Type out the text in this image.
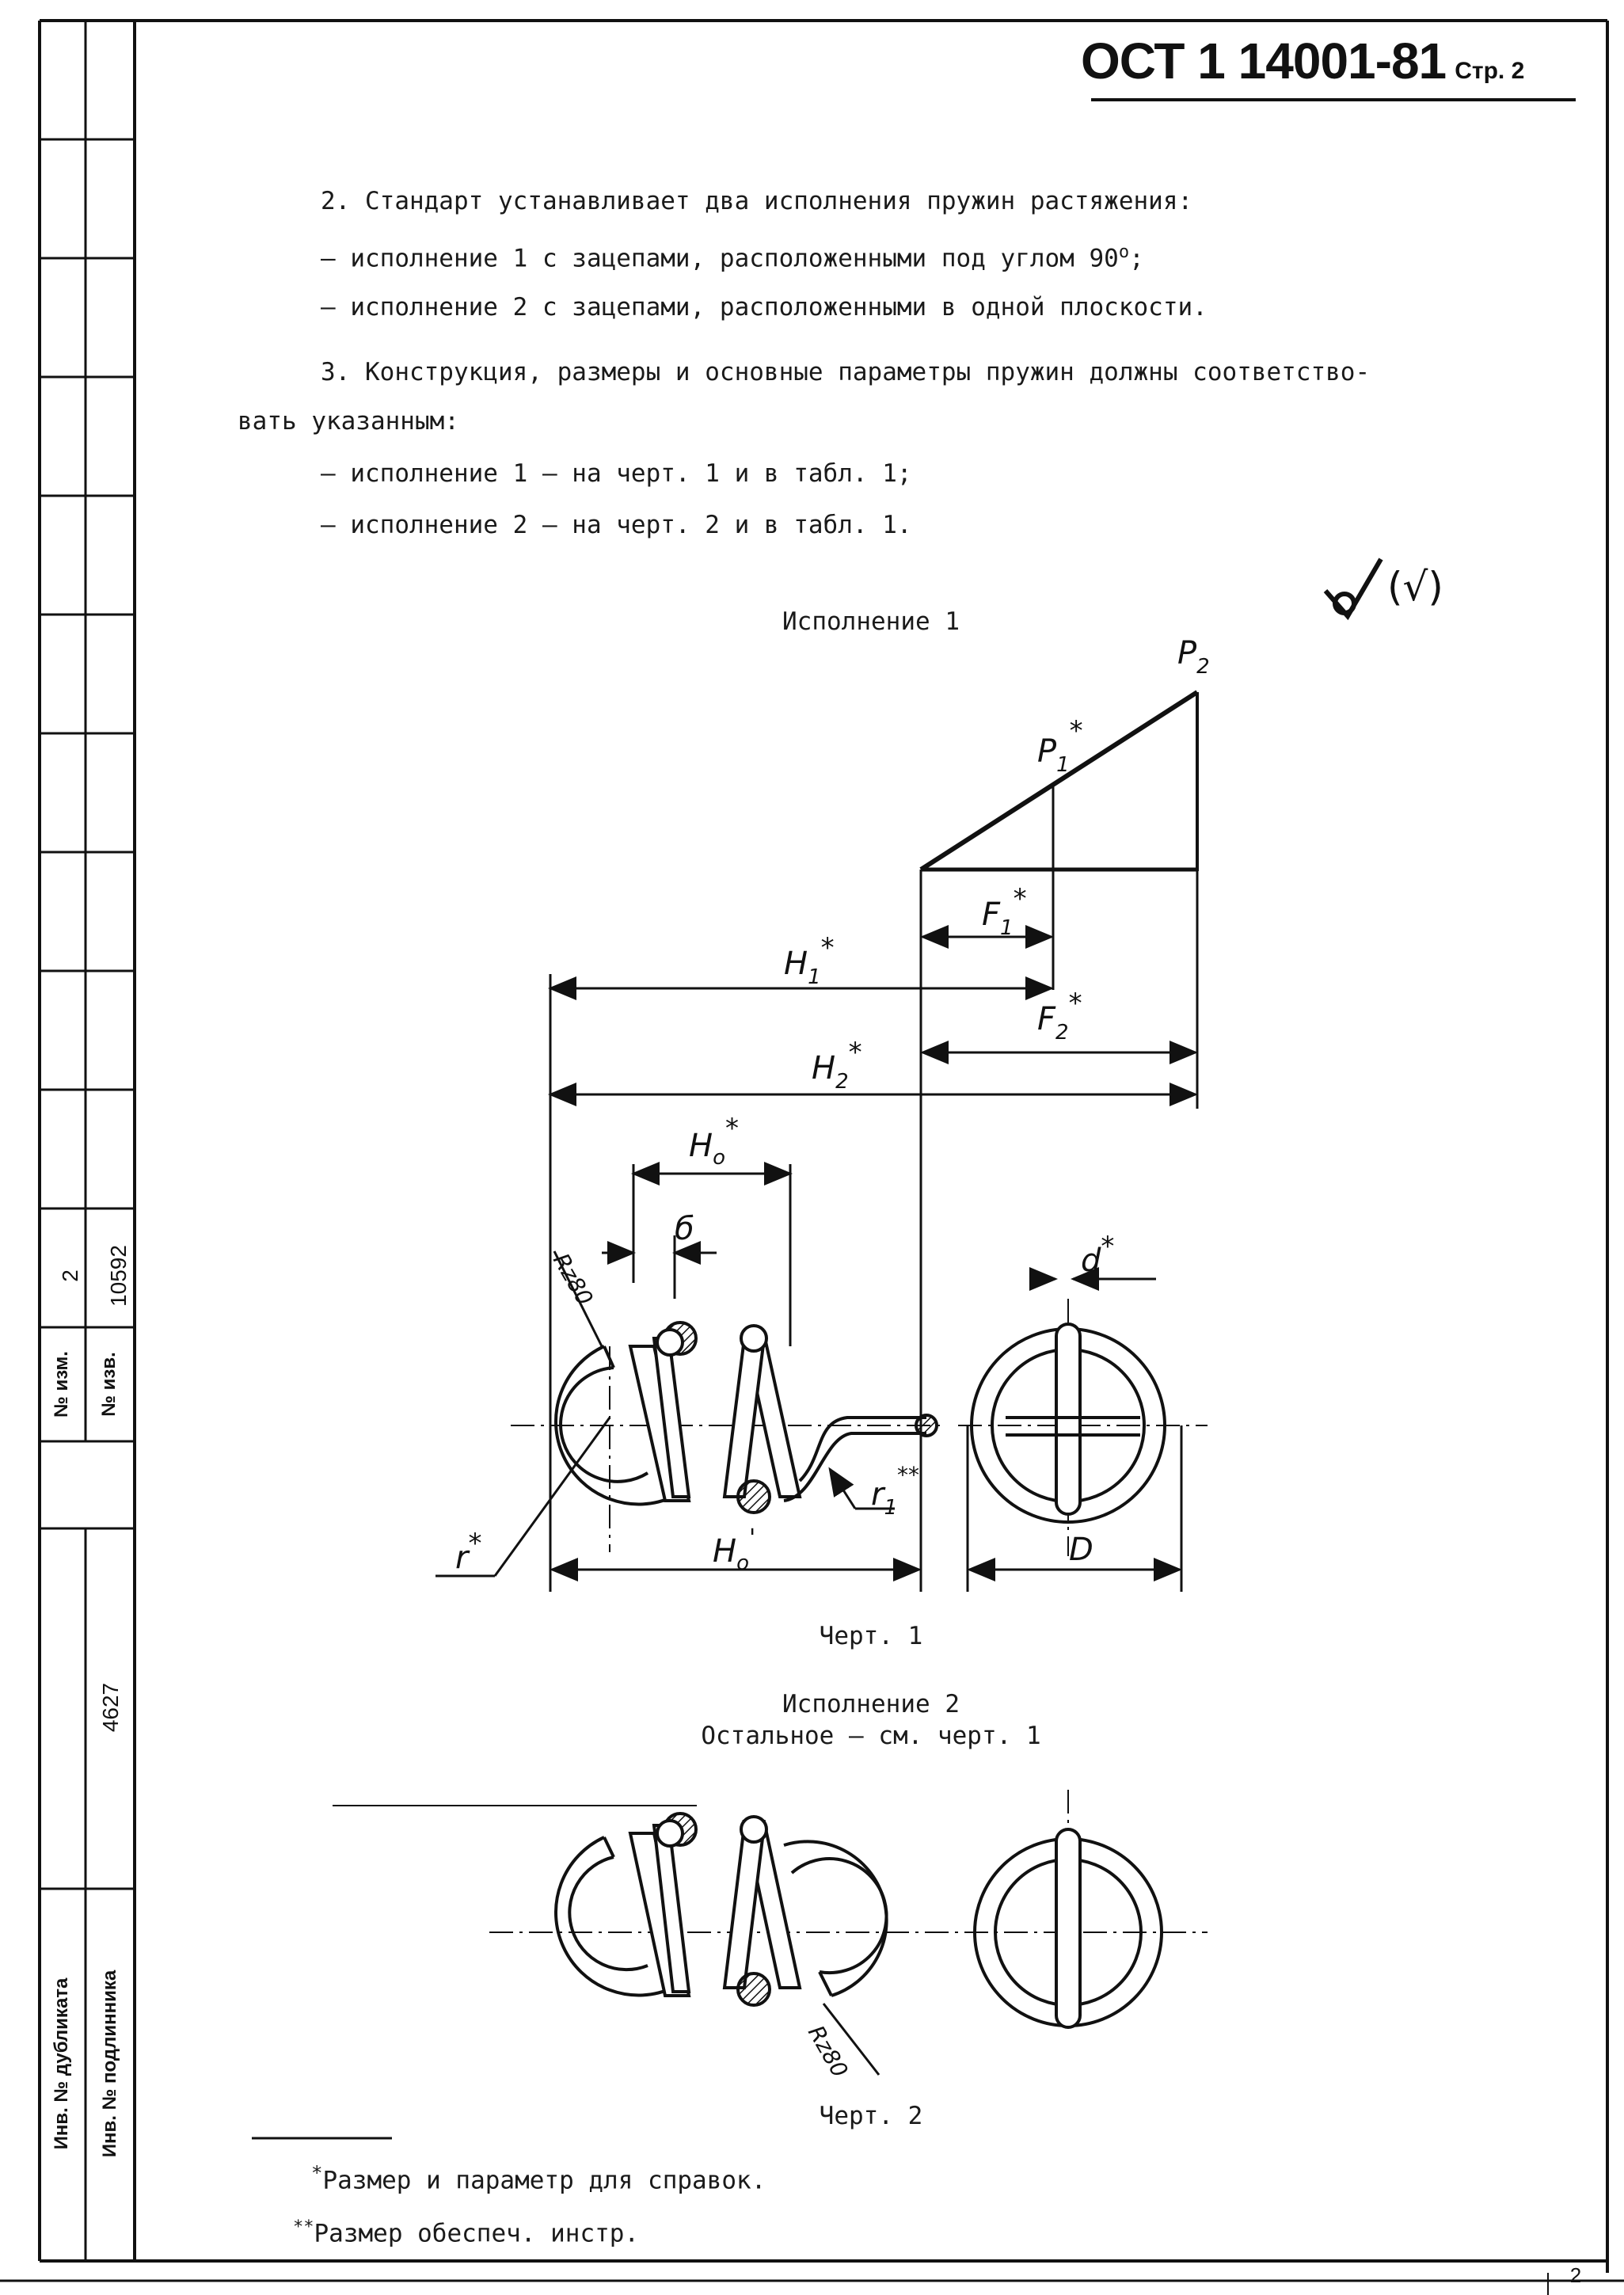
№ изм.
2
№ изв.
10592
Инв. № дубликата Инв. № подлинника
4627
ОСТ 1 14001-81 Стр. 2
2. Стандарт устанавливает два исполнения пружин растяжения:
– исполнение 1 с зацепами, расположенными под углом $90^о$;
– исполнение 2 с зацепами, расположенными в одной плоскости.
3. Конструкция, размеры и основные параметры пружин должны соответство-
вать указанным:
– исполнение 1 – на черт. 1 и в табл. 1;
– исполнение 2 – на черт. 2 и в табл. 1.
(√)
Исполнение 1
$P_2$
$P_1^*$
$F_1^*$
$H_1^*$
$F_2^*$
$H_2^*$
$H_o^*$
б
d*
D
$H_o'$
r*
$r_1^{**}$
Rz80
Черт. 1
Исполнение 2
Остальное – см. черт. 1
Rz80
Черт. 2
*Размер и параметр для справок.
**Размер обеспеч. инстр.
2
